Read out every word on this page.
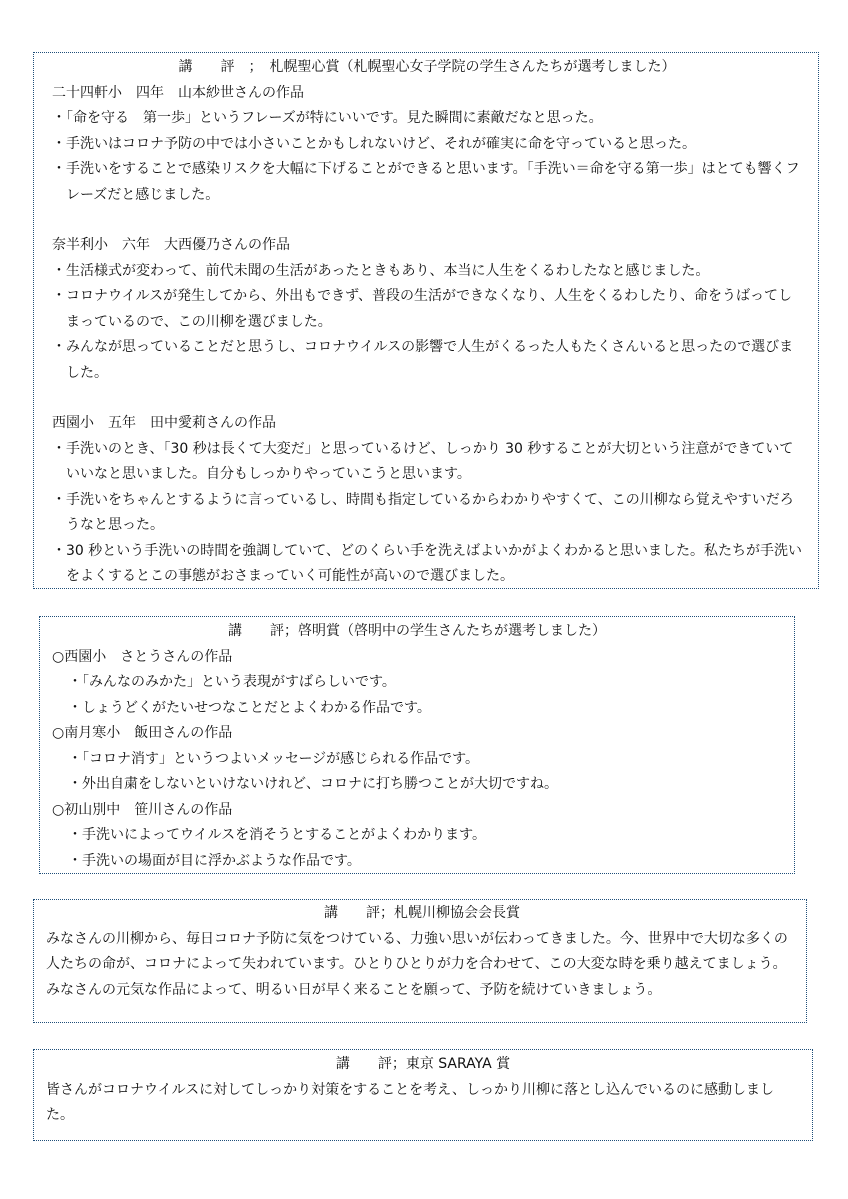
講　　評　；　札幌聖心賞（札幌聖心女子学院の学生さんたちが選考しました）
二十四軒小　四年　山本紗世さんの作品
・「命を守る　第一歩」というフレーズが特にいいです。見た瞬間に素敵だなと思った。
・手洗いはコロナ予防の中では小さいことかもしれないけど、それが確実に命を守っていると思った。
・手洗いをすることで感染リスクを大幅に下げることができると思います。「手洗い＝命を守る第一歩」はとても響くフレーズだと感じました。
奈半利小　六年　大西優乃さんの作品
・生活様式が変わって、前代未聞の生活があったときもあり、本当に人生をくるわしたなと感じました。
・コロナウイルスが発生してから、外出もできず、普段の生活ができなくなり、人生をくるわしたり、命をうばってしまっているので、この川柳を選びました。
・みんなが思っていることだと思うし、コロナウイルスの影響で人生がくるった人もたくさんいると思ったので選びました。
西園小　五年　田中愛莉さんの作品
・手洗いのとき、「30 秒は長くて大変だ」と思っているけど、しっかり 30 秒することが大切という注意ができていていいなと思いました。自分もしっかりやっていこうと思います。
・手洗いをちゃんとするように言っているし、時間も指定しているからわかりやすくて、この川柳なら覚えやすいだろうなと思った。
・30 秒という手洗いの時間を強調していて、どのくらい手を洗えばよいかがよくわかると思いました。私たちが手洗いをよくするとこの事態がおさまっていく可能性が高いので選びました。
講　　評；啓明賞（啓明中の学生さんたちが選考しました）
○西園小　さとうさんの作品
・「みんなのみかた」という表現がすばらしいです。
・しょうどくがたいせつなことだとよくわかる作品です。
○南月寒小　飯田さんの作品
・「コロナ消す」というつよいメッセージが感じられる作品です。
・外出自粛をしないといけないけれど、コロナに打ち勝つことが大切ですね。
○初山別中　笹川さんの作品
・手洗いによってウイルスを消そうとすることがよくわかります。
・手洗いの場面が目に浮かぶような作品です。
講　　評；札幌川柳協会会長賞
みなさんの川柳から、毎日コロナ予防に気をつけている、力強い思いが伝わってきました。今、世界中で大切な多くの人たちの命が、コロナによって失われています。ひとりひとりが力を合わせて、この大変な時を乗り越えてましょう。みなさんの元気な作品によって、明るい日が早く来ることを願って、予防を続けていきましょう。
講　　評；東京 SARAYA 賞
皆さんがコロナウイルスに対してしっかり対策をすることを考え、しっかり川柳に落とし込んでいるのに感動しました。
